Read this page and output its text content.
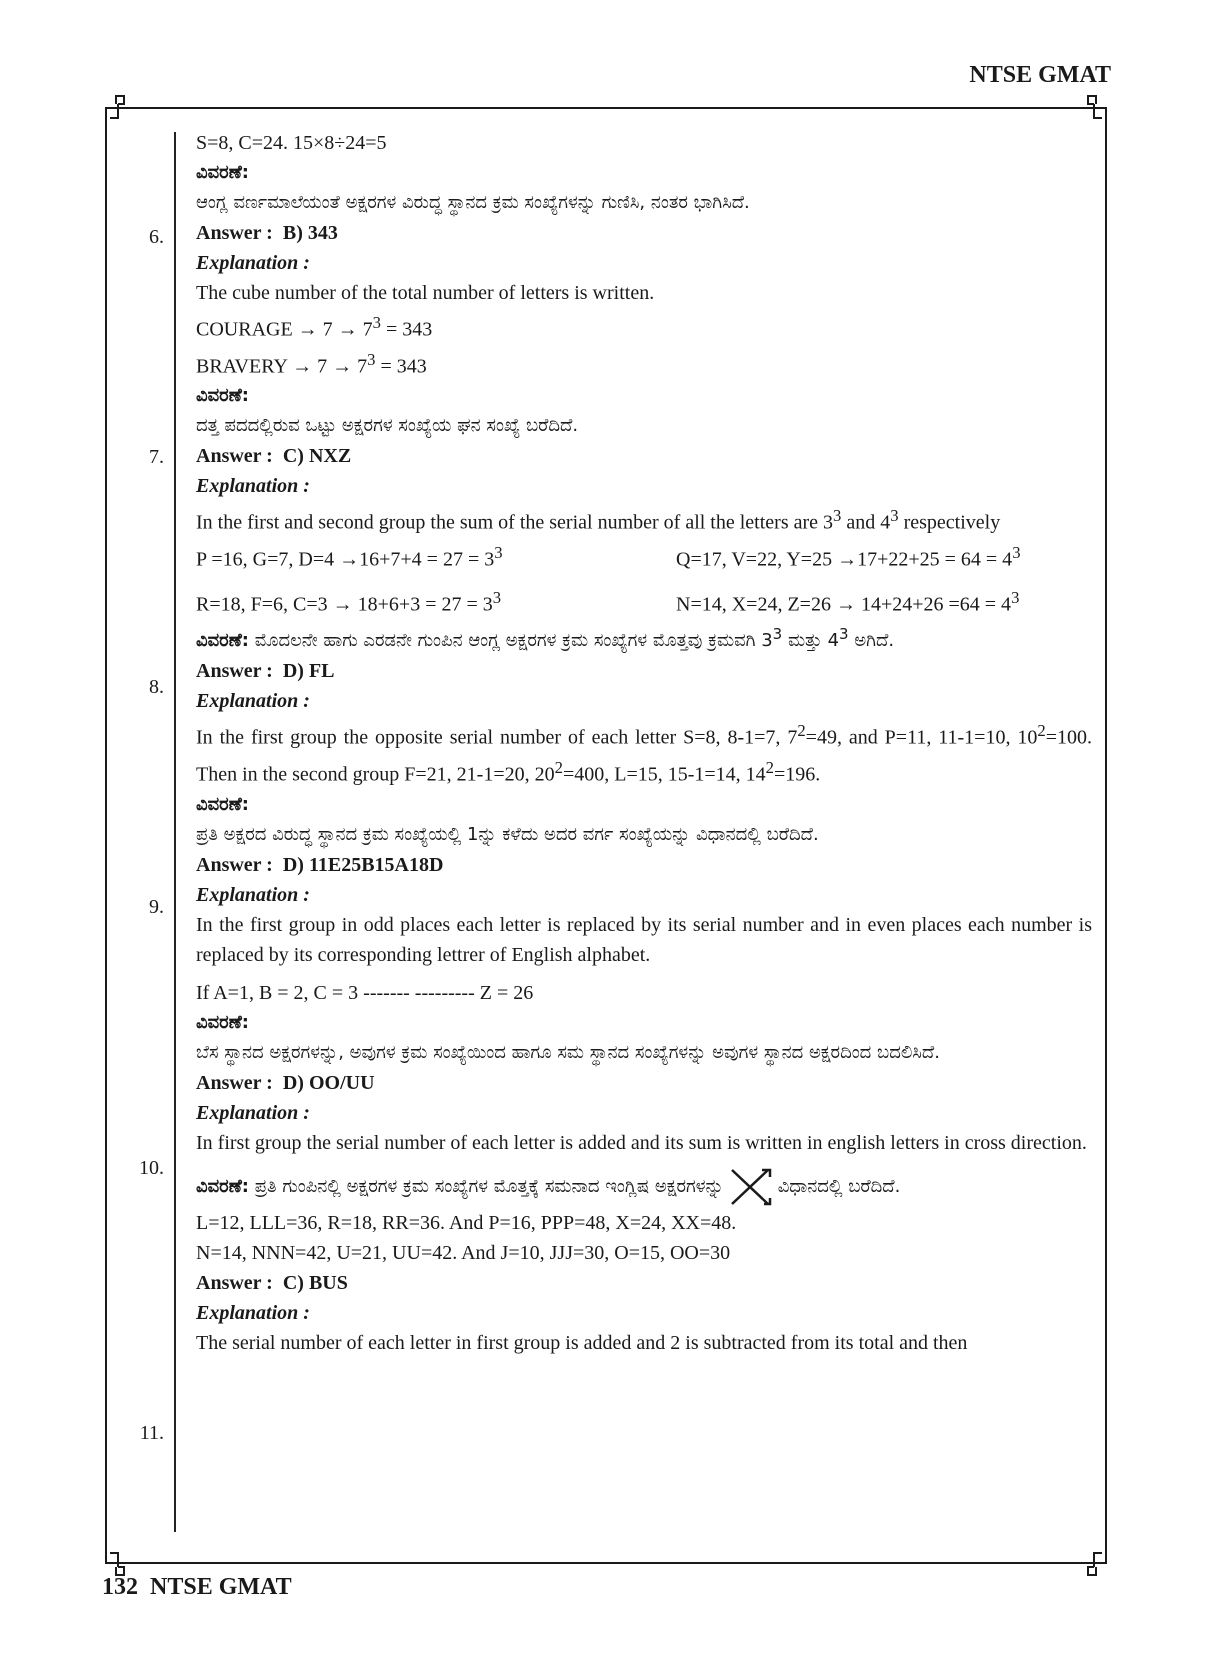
NTSE GMAT
6.
7.
8.
9.
10.
11.

S=8, C=24. 15×8÷24=5

ವಿವರಣೆ:

ಆಂಗ್ಲ ವರ್ಣಮಾಲೆಯಂತೆ ಅಕ್ಷರಗಳ ವಿರುದ್ಧ ಸ್ಥಾನದ ಕ್ರಮ ಸಂಖ್ಯೆಗಳನ್ನು ಗುಣಿಸಿ, ನಂತರ ಭಾಗಿಸಿದೆ.

Answer : B) 343

Explanation :

The cube number of the total number of letters is written.

COURAGE → $7 \to 7^3 = 343$

BRAVERY → $7 \to 7^3 = 343$

ವಿವರಣೆ:

ದತ್ತ ಪದದಲ್ಲಿರುವ ಒಟ್ಟು ಅಕ್ಷರಗಳ ಸಂಖ್ಯೆಯ ಘನ ಸಂಖ್ಯೆ ಬರೆದಿದೆ.

Answer : C) NXZ

Explanation :

In the first and second group the sum of the serial number of all the letters are $3^3$ and $4^3$ respectively

P =16, G=7, $D=4 \to 16+7+4 = 27 = 3^3$	Q=17, V=22, $Y=25 \to 17+22+25 = 64 = 4^3$
R=18, F=6, $C=3 \to 18+6+3 = 27 = 3^3$	N=14, X=24, $Z=26 \to 14+24+26 =64 = 4^3$

ವಿವರಣೆ: ಮೊದಲನೇ ಹಾಗು ಎರಡನೇ ಗುಂಪಿನ ಆಂಗ್ಲ ಅಕ್ಷರಗಳ ಕ್ರಮ ಸಂಖ್ಯೆಗಳ ಮೊತ್ತವು ಕ್ರಮವಗಿ $3^3$ ಮತ್ತು $4^3$ ಅಗಿದೆ.

Answer : D) FL

Explanation :

In the first group the opposite serial number of each letter S=8, 8-1=7, $7^2=49$, and P=11, 11-1=10, $10^2=100$. Then in the second group F=21, 21-1=20, $20^2=400$, L=15, 15-1=14, $14^2=196$.

ವಿವರಣೆ:

ಪ್ರತಿ ಅಕ್ಷರದ ವಿರುದ್ಧ ಸ್ಥಾನದ ಕ್ರಮ ಸಂಖ್ಯೆಯಲ್ಲಿ 1ನ್ನು ಕಳೆದು ಅದರ ವರ್ಗ ಸಂಖ್ಯೆಯನ್ನು ವಿಧಾನದಲ್ಲಿ ಬರೆದಿದೆ.

Answer : D) 11E25B15A18D

Explanation :

In the first group in odd places each letter is replaced by its serial number and in even places each number is replaced by its corresponding lettrer of English alphabet.

If A=1, B = 2, C = 3 ------- --------- Z = 26

ವಿವರಣೆ:

ಬೆಸ ಸ್ಥಾನದ ಅಕ್ಷರಗಳನ್ನು, ಅವುಗಳ ಕ್ರಮ ಸಂಖ್ಯೆಯಿಂದ ಹಾಗೂ ಸಮ ಸ್ಥಾನದ ಸಂಖ್ಯೆಗಳನ್ನು ಅವುಗಳ ಸ್ಥಾನದ ಅಕ್ಷರದಿಂದ ಬದಲಿಸಿದೆ.

Answer : D) OO/UU

Explanation :

In first group the serial number of each letter is added and its sum is written in english letters in cross direction.

ವಿವರಣೆ: ಪ್ರತಿ ಗುಂಪಿನಲ್ಲಿ ಅಕ್ಷರಗಳ ಕ್ರಮ ಸಂಖ್ಯೆಗಳ ಮೊತ್ತಕ್ಕೆ ಸಮನಾದ ಇಂಗ್ಲಿಷ ಅಕ್ಷರಗಳನ್ನು	ವಿಧಾನದಲ್ಲಿ ಬರೆದಿದೆ.

L=12, LLL=36, R=18, RR=36. And P=16, PPP=48, X=24, XX=48.

N=14, NNN=42, U=21, UU=42. And J=10, JJJ=30, O=15, OO=30

Answer : C) BUS

Explanation :

The serial number of each letter in first group is added and 2 is subtracted from its total and then

132 NTSE GMAT
